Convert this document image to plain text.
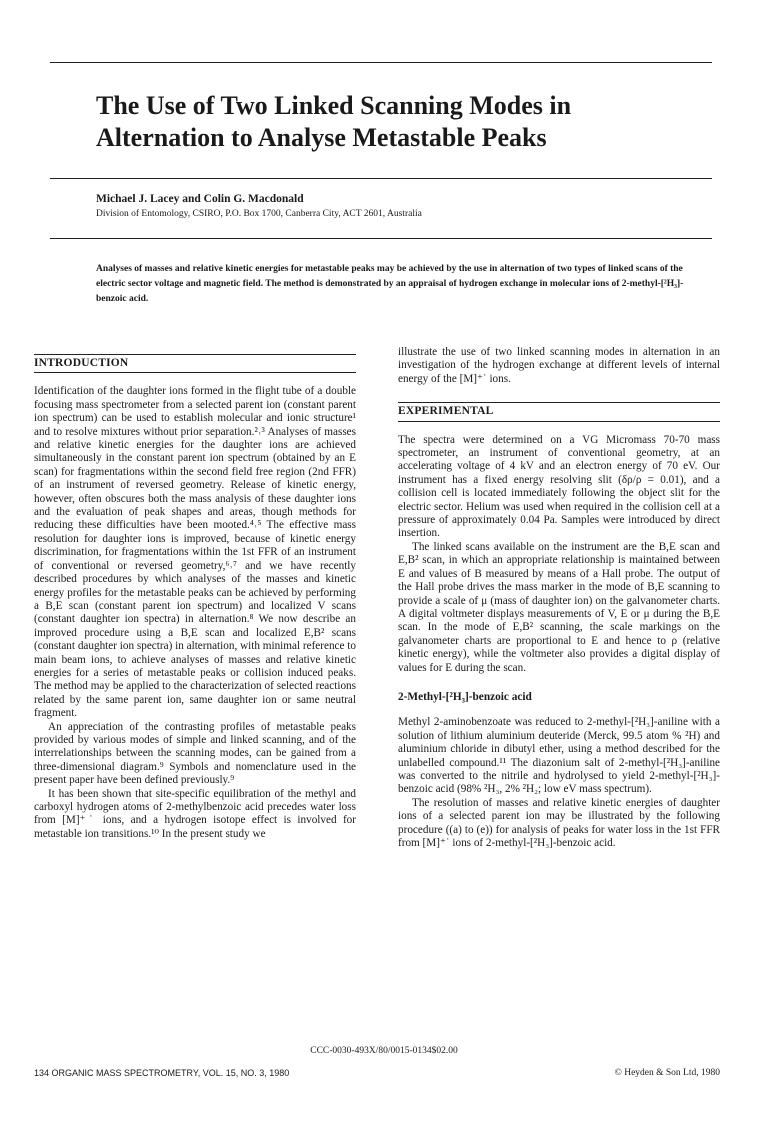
The Use of Two Linked Scanning Modes in Alternation to Analyse Metastable Peaks
Michael J. Lacey and Colin G. Macdonald
Division of Entomology, CSIRO, P.O. Box 1700, Canberra City, ACT 2601, Australia

Analyses of masses and relative kinetic energies for metastable peaks may be achieved by the use in alternation of two types of linked scans of the electric sector voltage and magnetic field. The method is demonstrated by an appraisal of hydrogen exchange in molecular ions of 2-methyl-[²H₃]-benzoic acid.

INTRODUCTION

Identification of the daughter ions formed in the flight tube of a double focusing mass spectrometer from a selected parent ion (constant parent ion spectrum) can be used to establish molecular and ionic structure¹ and to resolve mixtures without prior separation.²˒³ Analyses of masses and relative kinetic energies for the daughter ions are achieved simultaneously in the constant parent ion spectrum (obtained by an E scan) for fragmentations within the second field free region (2nd FFR) of an instrument of reversed geometry. Release of kinetic energy, however, often obscures both the mass analysis of these daughter ions and the evaluation of peak shapes and areas, though methods for reducing these difficulties have been mooted.⁴˒⁵ The effective mass resolution for daughter ions is improved, because of kinetic energy discrimination, for fragmentations within the 1st FFR of an instrument of conventional or reversed geometry,⁶˒⁷ and we have recently described procedures by which analyses of the masses and kinetic energy profiles for the metastable peaks can be achieved by performing a B,E scan (constant parent ion spectrum) and localized V scans (constant daughter ion spectra) in alternation.⁸ We now describe an improved procedure using a B,E scan and localized E,B² scans (constant daughter ion spectra) in alternation, with minimal reference to main beam ions, to achieve analyses of masses and relative kinetic energies for a series of metastable peaks or collision induced peaks. The method may be applied to the characterization of selected reactions related by the same parent ion, same daughter ion or same neutral fragment.

An appreciation of the contrasting profiles of metastable peaks provided by various modes of simple and linked scanning, and of the interrelationships between the scanning modes, can be gained from a three-dimensional diagram.⁹ Symbols and nomenclature used in the present paper have been defined previously.⁹

It has been shown that site-specific equilibration of the methyl and carboxyl hydrogen atoms of 2-methylbenzoic acid precedes water loss from [M]⁺˙ ions, and a hydrogen isotope effect is involved for metastable ion transitions.¹⁰ In the present study we

illustrate the use of two linked scanning modes in alternation in an investigation of the hydrogen exchange at different levels of internal energy of the [M]⁺˙ ions.

EXPERIMENTAL

The spectra were determined on a VG Micromass 70-70 mass spectrometer, an instrument of conventional geometry, at an accelerating voltage of 4 kV and an electron energy of 70 eV. Our instrument has a fixed energy resolving slit (δρ/ρ = 0.01), and a collision cell is located immediately following the object slit for the electric sector. Helium was used when required in the collision cell at a pressure of approximately 0.04 Pa. Samples were introduced by direct insertion.

The linked scans available on the instrument are the B,E scan and E,B² scan, in which an appropriate relationship is maintained between E and values of B measured by means of a Hall probe. The output of the Hall probe drives the mass marker in the mode of B,E scanning to provide a scale of μ (mass of daughter ion) on the galvanometer charts. A digital voltmeter displays measurements of V, E or μ during the B,E scan. In the mode of E,B² scanning, the scale markings on the galvanometer charts are proportional to E and hence to ρ (relative kinetic energy), while the voltmeter also provides a digital display of values for E during the scan.

2-Methyl-[²H₃]-benzoic acid

Methyl 2-aminobenzoate was reduced to 2-methyl-[²H₃]-aniline with a solution of lithium aluminium deuteride (Merck, 99.5 atom % ²H) and aluminium chloride in dibutyl ether, using a method described for the unlabelled compound.¹¹ The diazonium salt of 2-methyl-[²H₃]-aniline was converted to the nitrile and hydrolysed to yield 2-methyl-[²H₃]-benzoic acid (98% ²H₃, 2% ²H₂; low eV mass spectrum).

The resolution of masses and relative kinetic energies of daughter ions of a selected parent ion may be illustrated by the following procedure ((a) to (e)) for analysis of peaks for water loss in the 1st FFR from [M]⁺˙ ions of 2-methyl-[²H₃]-benzoic acid.

CCC-0030-493X/80/0015-0134$02.00
134 ORGANIC MASS SPECTROMETRY, VOL. 15, NO. 3, 1980	© Heyden & Son Ltd, 1980
